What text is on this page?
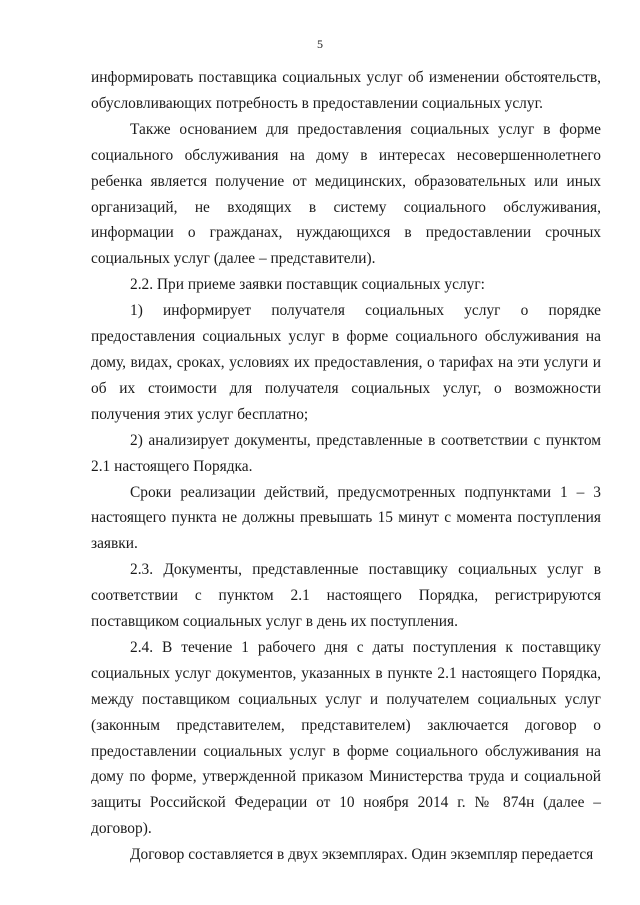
5

информировать поставщика социальных услуг об изменении обстоятельств, обусловливающих потребность в предоставлении социальных услуг.

Также основанием для предоставления социальных услуг в форме социального обслуживания на дому в интересах несовершеннолетнего ребенка является получение от медицинских, образовательных или иных организаций, не входящих в систему социального обслуживания, информации о гражданах, нуждающихся в предоставлении срочных социальных услуг (далее – представители).

2.2. При приеме заявки поставщик социальных услуг:

1) информирует получателя социальных услуг о порядке предоставления социальных услуг в форме социального обслуживания на дому, видах, сроках, условиях их предоставления, о тарифах на эти услуги и об их стоимости для получателя социальных услуг, о возможности получения этих услуг бесплатно;

2) анализирует документы, представленные в соответствии с пунктом 2.1 настоящего Порядка.

Сроки реализации действий, предусмотренных подпунктами 1 – 3 настоящего пункта не должны превышать 15 минут с момента поступления заявки.

2.3. Документы, представленные поставщику социальных услуг в соответствии с пунктом 2.1 настоящего Порядка, регистрируются поставщиком социальных услуг в день их поступления.

2.4. В течение 1 рабочего дня с даты поступления к поставщику социальных услуг документов, указанных в пункте 2.1 настоящего Порядка, между поставщиком социальных услуг и получателем социальных услуг (законным представителем, представителем) заключается договор о предоставлении социальных услуг в форме социального обслуживания на дому по форме, утвержденной приказом Министерства труда и социальной защиты Российской Федерации от 10 ноября 2014 г. № 874н (далее – договор).

Договор составляется в двух экземплярах. Один экземпляр передается
